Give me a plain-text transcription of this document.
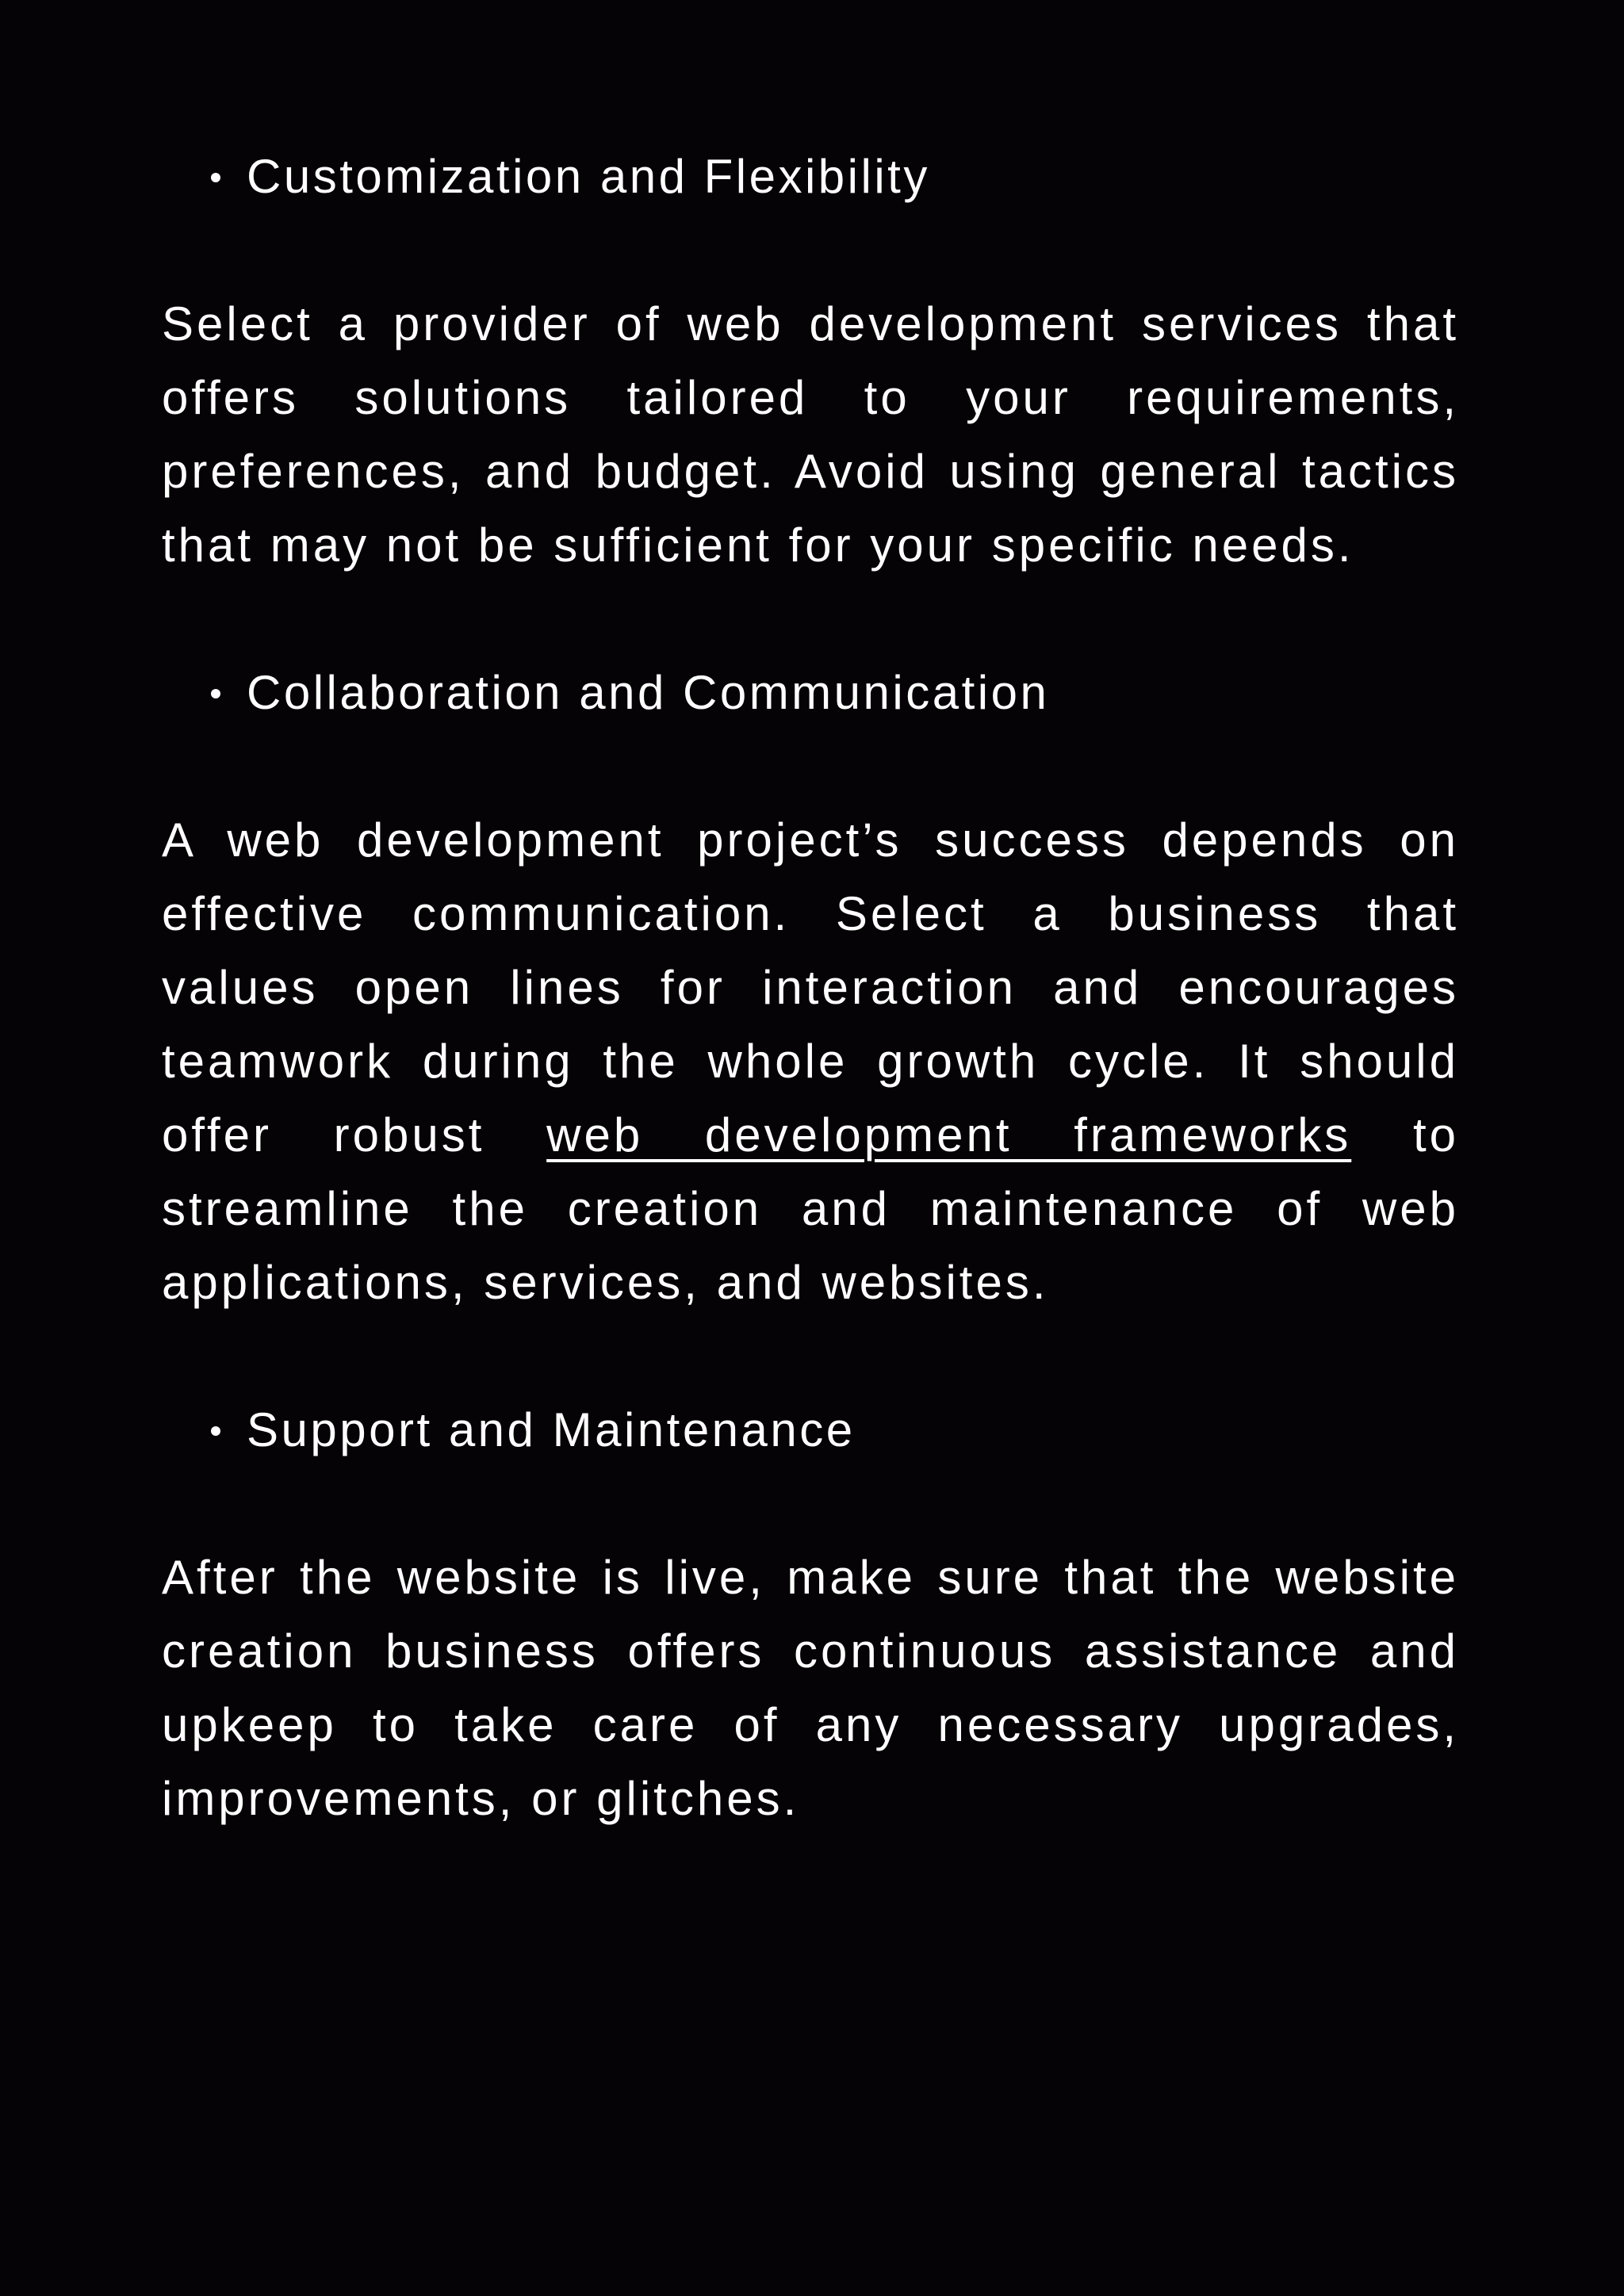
Customization and Flexibility

Select a provider of web development services that offers solutions tailored to your requirements, preferences, and budget. Avoid using general tactics that may not be sufficient for your specific needs.

Collaboration and Communication

A web development project’s success depends on effective communication. Select a business that values open lines for interaction and encourages teamwork during the whole growth cycle. It should offer robust web development frameworks to streamline the creation and maintenance of web applications, services, and websites.

Support and Maintenance

After the website is live, make sure that the website creation business offers continuous assistance and upkeep to take care of any necessary upgrades, improvements, or glitches.
